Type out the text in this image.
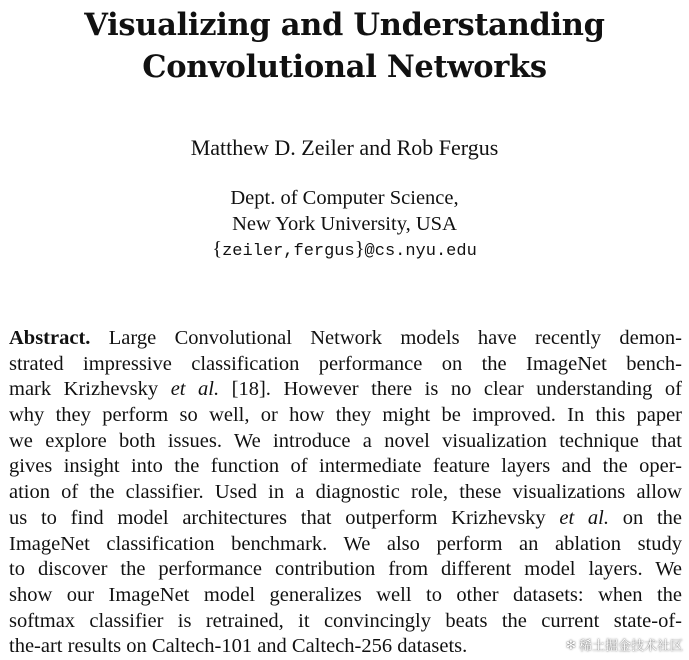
Visualizing and Understanding
Convolutional Networks
Matthew D. Zeiler and Rob Fergus
Dept. of Computer Science,
New York University, USA
{zeiler,fergus}@cs.nyu.edu
Abstract. Large Convolutional Network models have recently demon-
strated impressive classification performance on the ImageNet bench-
mark Krizhevsky et al. [18]. However there is no clear understanding of
why they perform so well, or how they might be improved. In this paper
we explore both issues. We introduce a novel visualization technique that
gives insight into the function of intermediate feature layers and the oper-
ation of the classifier. Used in a diagnostic role, these visualizations allow
us to find model architectures that outperform Krizhevsky et al. on the
ImageNet classification benchmark. We also perform an ablation study
to discover the performance contribution from different model layers. We
show our ImageNet model generalizes well to other datasets: when the
softmax classifier is retrained, it convincingly beats the current state-of-
the-art results on Caltech-101 and Caltech-256 datasets.	✻ 稀土掘金技术社区
